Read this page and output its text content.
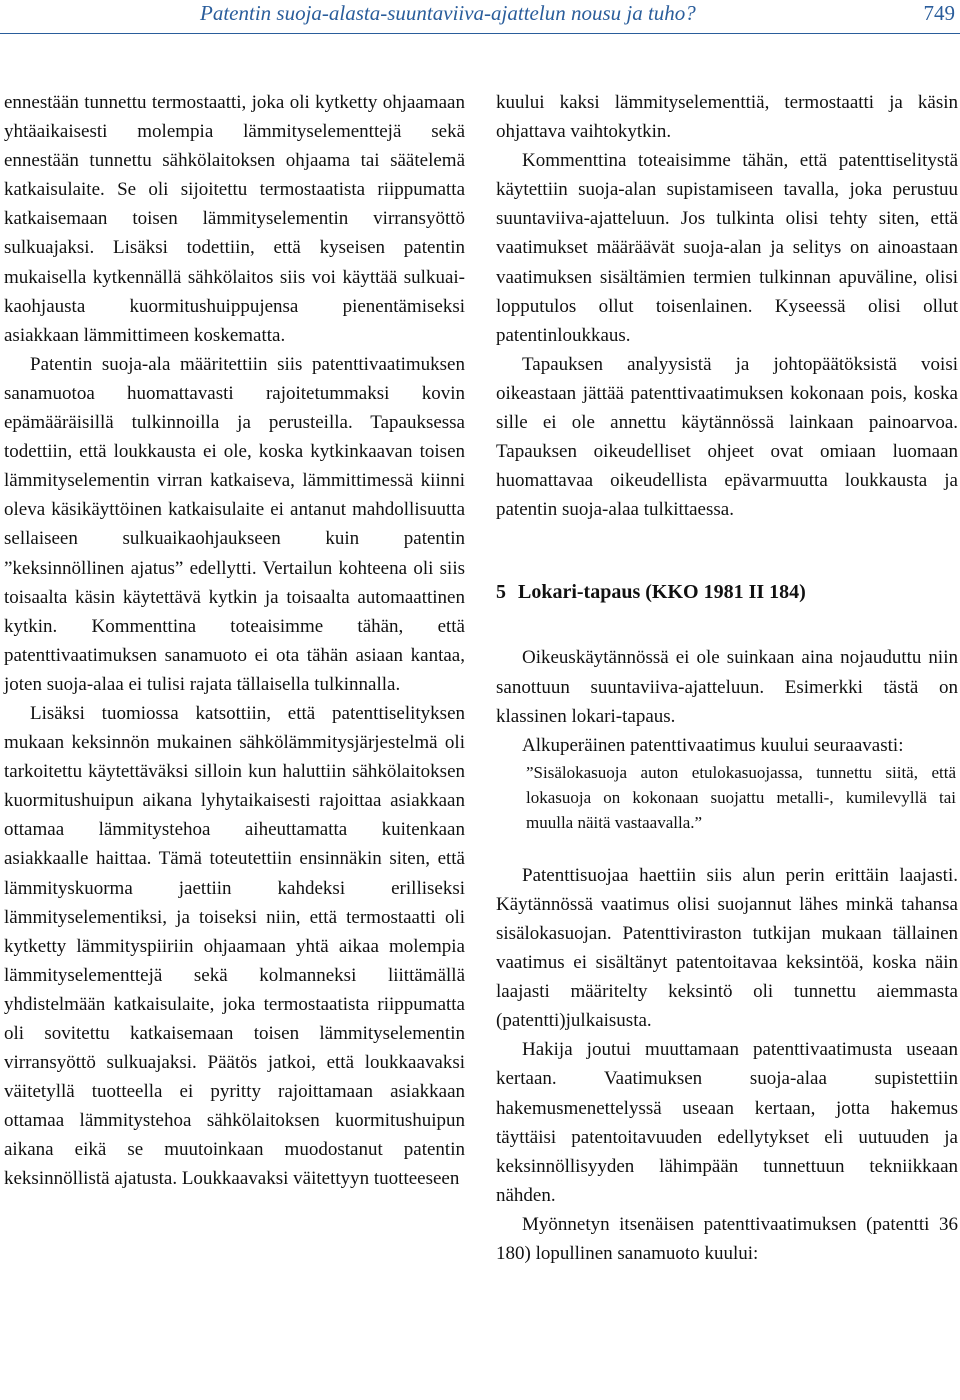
Patentin suoja-alasta-suuntaviiva-ajattelun nousu ja tuho?	749

ennestään tunnettu termostaatti, joka oli kytketty ohjaamaan yhtäaikaisesti molempia lämmityselementtejä sekä ennestään tunnettu sähkölaitoksen ohjaama tai säätelemä katkaisulaite. Se oli sijoitettu termostaatista riippumatta katkaisemaan toisen lämmityselementin virransyöttö sulkuajaksi. Lisäksi todettiin, että kyseisen patentin mukaisella kytkennällä sähkölaitos siis voi käyttää sulkuaikaohjausta kuormitushuippujensa pienentämiseksi asiakkaan lämmittimeen koskematta.

Patentin suoja-ala määritettiin siis patenttivaatimuksen sanamuotoa huomattavasti rajoitetummaksi kovin epämääräisillä tulkinnoilla ja perusteilla. Tapauksessa todettiin, että loukkausta ei ole, koska kytkinkaavan toisen lämmityselementin virran katkaiseva, lämmittimessä kiinni oleva käsikäyttöinen katkaisulaite ei antanut mahdollisuutta sellaiseen sulkuaikaohjaukseen kuin patentin ”keksinnöllinen ajatus” edellytti. Vertailun kohteena oli siis toisaalta käsin käytettävä kytkin ja toisaalta automaattinen kytkin. Kommenttina toteaisimme tähän, että patenttivaatimuksen sanamuoto ei ota tähän asiaan kantaa, joten suoja-alaa ei tulisi rajata tällaisella tulkinnalla.

Lisäksi tuomiossa katsottiin, että patenttiselityksen mukaan keksinnön mukainen sähkölämmitysjärjestelmä oli tarkoitettu käytettäväksi silloin kun haluttiin sähkölaitoksen kuormitushuipun aikana lyhytaikaisesti rajoittaa asiakkaan ottamaa lämmitystehoa aiheuttamatta kuitenkaan asiakkaalle haittaa. Tämä toteutettiin ensinnäkin siten, että lämmityskuorma jaettiin kahdeksi erilliseksi lämmityselementiksi, ja toiseksi niin, että termostaatti oli kytketty lämmityspiiriin ohjaamaan yhtä aikaa molempia lämmityselementtejä sekä kolmanneksi liittämällä yhdistelmään katkaisulaite, joka termostaatista riippumatta oli sovitettu katkaisemaan toisen lämmityselementin virransyöttö sulkuajaksi. Päätös jatkoi, että loukkaavaksi väitetyllä tuotteella ei pyritty rajoittamaan asiakkaan ottamaa lämmitystehoa sähkölaitoksen kuormitushuipun aikana eikä se muutoinkaan muodostanut patentin keksinnöllistä ajatusta. Loukkaavaksi väitettyyn tuotteeseen

kuului kaksi lämmityselementtiä, termostaatti ja käsin ohjattava vaihtokytkin.

Kommenttina toteaisimme tähän, että patenttiselitystä käytettiin suoja-alan supistamiseen tavalla, joka perustuu suuntaviiva-ajatteluun. Jos tulkinta olisi tehty siten, että vaatimukset määräävät suoja-alan ja selitys on ainoastaan vaatimuksen sisältämien termien tulkinnan apuväline, olisi lopputulos ollut toisenlainen. Kyseessä olisi ollut patentinloukkaus.

Tapauksen analyysistä ja johtopäätöksistä voisi oikeastaan jättää patenttivaatimuksen kokonaan pois, koska sille ei ole annettu käytännössä lainkaan painoarvoa. Tapauksen oikeudelliset ohjeet ovat omiaan luomaan huomattavaa oikeudellista epävarmuutta loukkausta ja patentin suoja-alaa tulkittaessa.

5 Lokari-tapaus (KKO 1981 II 184)

Oikeuskäytännössä ei ole suinkaan aina nojauduttu niin sanottuun suuntaviiva-ajatteluun. Esimerkki tästä on klassinen lokari-tapaus.

Alkuperäinen patenttivaatimus kuului seuraavasti:

”Sisälokasuoja auton etulokasuojassa, tunnettu siitä, että lokasuoja on kokonaan suojattu metalli-, kumilevyllä tai muulla näitä vastaavalla.”

Patenttisuojaa haettiin siis alun perin erittäin laajasti. Käytännössä vaatimus olisi suojannut lähes minkä tahansa sisälokasuojan. Patenttiviraston tutkijan mukaan tällainen vaatimus ei sisältänyt patentoitavaa keksintöä, koska näin laajasti määritelty keksintö oli tunnettu aiemmasta (patentti)julkaisusta.

Hakija joutui muuttamaan patenttivaatimusta useaan kertaan. Vaatimuksen suoja-alaa supistettiin hakemusmenettelyssä useaan kertaan, jotta hakemus täyttäisi patentoitavuuden edellytykset eli uutuuden ja keksinnöllisyyden lähimpään tunnettuun tekniikkaan nähden.

Myönnetyn itsenäisen patenttivaatimuksen (patentti 36 180) lopullinen sanamuoto kuului:
